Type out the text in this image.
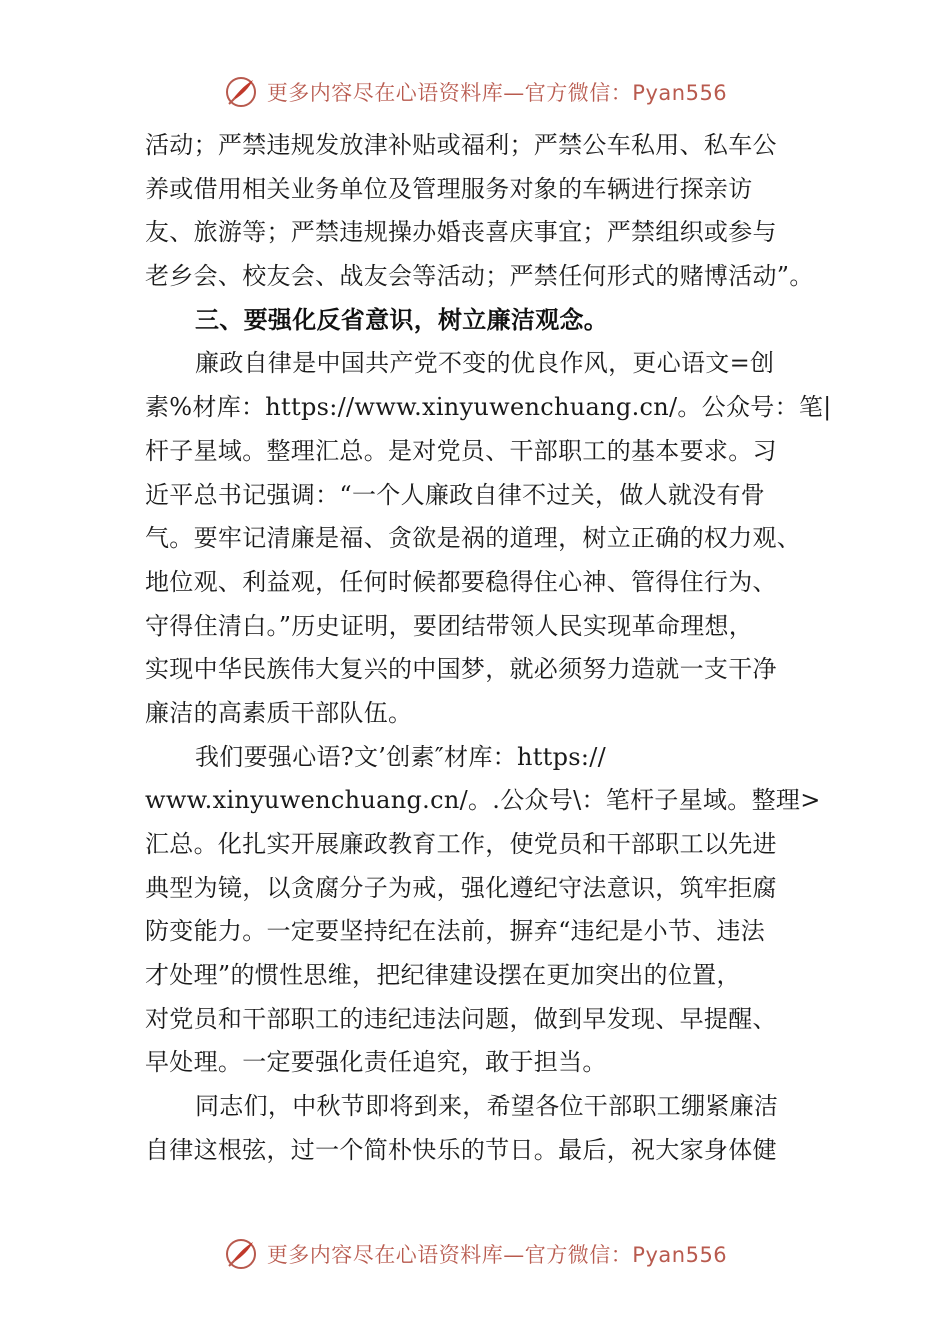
更多内容尽在心语资料库—官方微信：Pyan556
活动；严禁违规发放津补贴或福利；严禁公车私用、私车公
养或借用相关业务单位及管理服务对象的车辆进行探亲访
友、旅游等；严禁违规操办婚丧喜庆事宜；严禁组织或参与
老乡会、校友会、战友会等活动；严禁任何形式的赌博活动”。
三、要强化反省意识，树立廉洁观念。
廉政自律是中国共产党不变的优良作风，更心语文=创
素%材库：https://www.xinyuwenchuang.cn/。公众号：笔|
杆子星域。整理汇总。是对党员、干部职工的基本要求。习
近平总书记强调：“一个人廉政自律不过关，做人就没有骨
气。要牢记清廉是福、贪欲是祸的道理，树立正确的权力观、
地位观、利益观，任何时候都要稳得住心神、管得住行为、
守得住清白。”历史证明，要团结带领人民实现革命理想，
实现中华民族伟大复兴的中国梦，就必须努力造就一支干净
廉洁的高素质干部队伍。
我们要强心语?文’创素″材库：https://
www.xinyuwenchuang.cn/。.公众号\：笔杆子星域。整理>
汇总。化扎实开展廉政教育工作，使党员和干部职工以先进
典型为镜，以贪腐分子为戒，强化遵纪守法意识，筑牢拒腐
防变能力。一定要坚持纪在法前，摒弃“违纪是小节、违法
才处理”的惯性思维，把纪律建设摆在更加突出的位置，
对党员和干部职工的违纪违法问题，做到早发现、早提醒、
早处理。一定要强化责任追究，敢于担当。
同志们，中秋节即将到来，希望各位干部职工绷紧廉洁
自律这根弦，过一个简朴快乐的节日。最后，祝大家身体健
更多内容尽在心语资料库—官方微信：Pyan556
